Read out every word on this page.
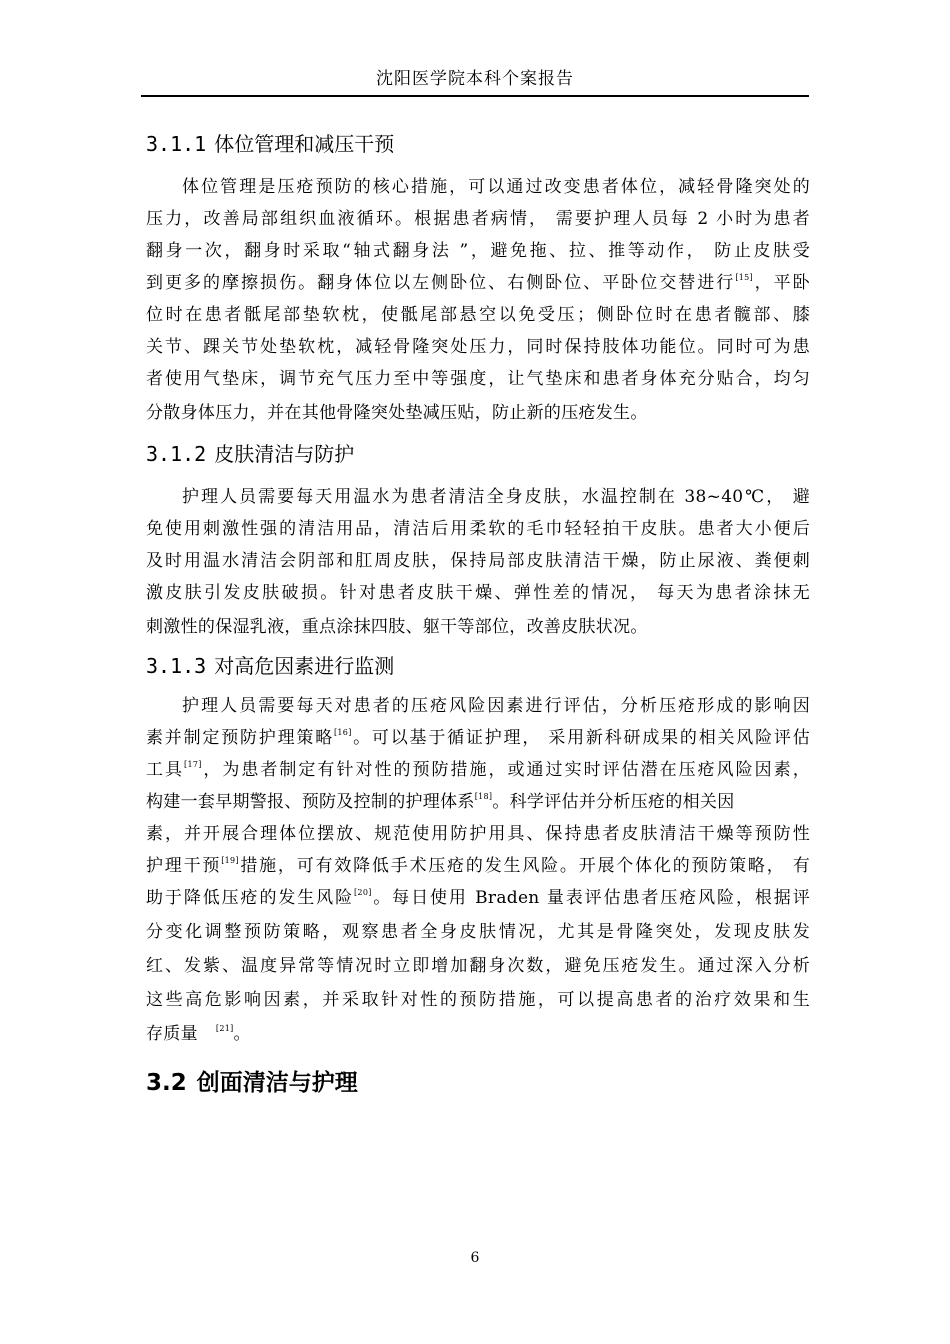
沈阳医学院本科个案报告
3.1.1 体位管理和减压干预
体位管理是压疮预防的核心措施，可以通过改变患者体位，减轻骨隆突处的
压力，改善局部组织血液循环。根据患者病情， 需要护理人员每 2 小时为患者
翻身一次，翻身时采取“轴式翻身法 ”，避免拖、拉、推等动作， 防止皮肤受
到更多的摩擦损伤。翻身体位以左侧卧位、右侧卧位、平卧位交替进行[15]，平卧
位时在患者骶尾部垫软枕，使骶尾部悬空以免受压；侧卧位时在患者髋部、膝
关节、踝关节处垫软枕，减轻骨隆突处压力，同时保持肢体功能位。同时可为患
者使用气垫床，调节充气压力至中等强度，让气垫床和患者身体充分贴合，均匀
分散身体压力，并在其他骨隆突处垫减压贴，防止新的压疮发生。
3.1.2 皮肤清洁与防护
护理人员需要每天用温水为患者清洁全身皮肤，水温控制在 38~40℃， 避
免使用刺激性强的清洁用品，清洁后用柔软的毛巾轻轻拍干皮肤。患者大小便后
及时用温水清洁会阴部和肛周皮肤，保持局部皮肤清洁干燥，防止尿液、粪便刺
激皮肤引发皮肤破损。针对患者皮肤干燥、弹性差的情况， 每天为患者涂抹无
刺激性的保湿乳液，重点涂抹四肢、躯干等部位，改善皮肤状况。
3.1.3 对高危因素进行监测
护理人员需要每天对患者的压疮风险因素进行评估，分析压疮形成的影响因
素并制定预防护理策略[16]。可以基于循证护理， 采用新科研成果的相关风险评估
工具[17]，为患者制定有针对性的预防措施，或通过实时评估潜在压疮风险因素，
构建一套早期警报、预防及控制的护理体系[18]。科学评估并分析压疮的相关因
素，并开展合理体位摆放、规范使用防护用具、保持患者皮肤清洁干燥等预防性
护理干预[19]措施，可有效降低手术压疮的发生风险。开展个体化的预防策略， 有
助于降低压疮的发生风险[20]。每日使用 Braden 量表评估患者压疮风险，根据评
分变化调整预防策略，观察患者全身皮肤情况，尤其是骨隆突处，发现皮肤发
红、发紫、温度异常等情况时立即增加翻身次数，避免压疮发生。通过深入分析
这些高危影响因素，并采取针对性的预防措施，可以提高患者的治疗效果和生
存质量 [21]。
3.2 创面清洁与护理
6
